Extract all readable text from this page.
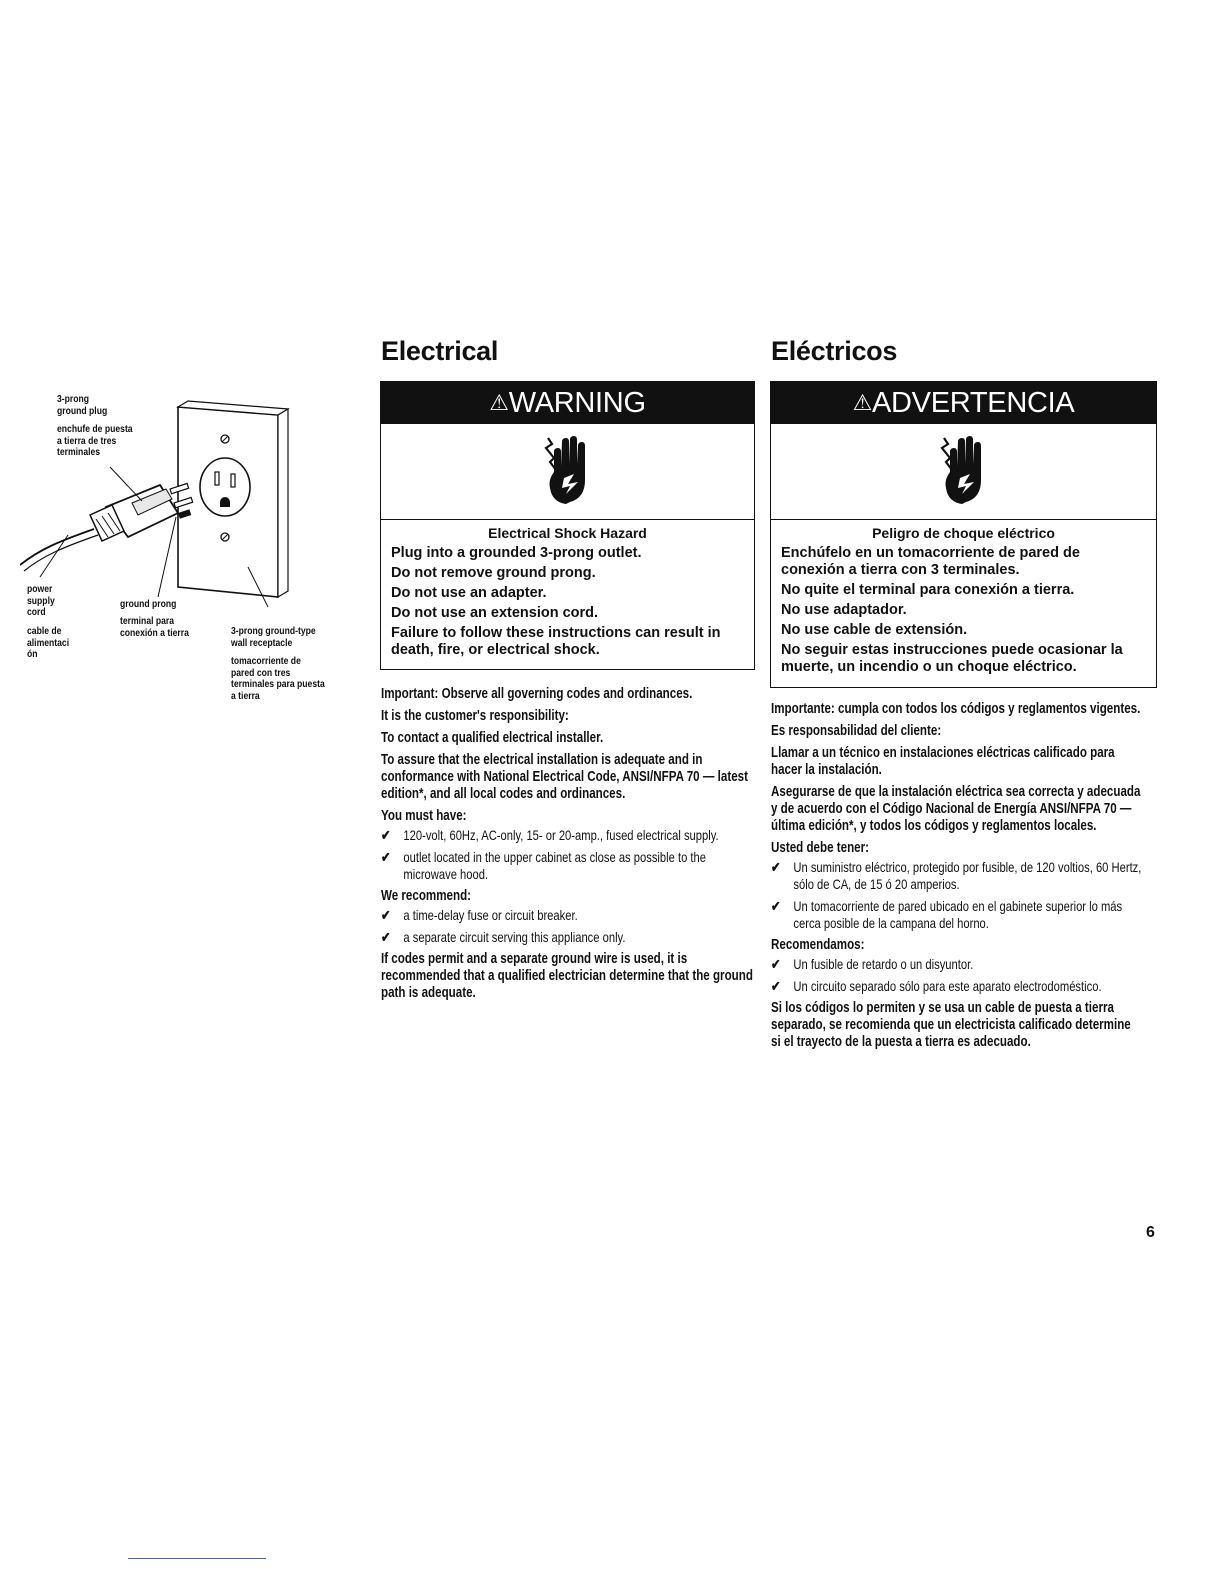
3-prong
ground plug
enchufe de puesta
a tierra de tres
terminales
power
supply
cord
cable de
alimentaci
ón
ground prong
terminal para
conexión a tierra	3-prong ground-type
wall receptacle
tomacorriente de
pared con tres
terminales para puesta
a tierra
Electrical
⚠WARNING
Electrical Shock Hazard
Plug into a grounded 3-prong outlet.
Do not remove ground prong.
Do not use an adapter.
Do not use an extension cord.
Failure to follow these instructions can result in death, fire, or electrical shock.

Important: Observe all governing codes and ordinances.

It is the customer's responsibility:

To contact a qualified electrical installer.

To assure that the electrical installation is adequate and in conformance with National Electrical Code, ANSI/NFPA 70 — latest edition*, and all local codes and ordinances.

You must have:

✔ 120-volt, 60Hz, AC-only, 15- or 20-amp., fused electrical supply.
✔ outlet located in the upper cabinet as close as possible to the microwave hood.

We recommend:

✔ a time-delay fuse or circuit breaker.
✔ a separate circuit serving this appliance only.

If codes permit and a separate ground wire is used, it is recommended that a qualified electrician determine that the ground path is adequate.

Eléctricos
⚠ADVERTENCIA
Peligro de choque eléctrico
Enchúfelo en un tomacorriente de pared de conexión a tierra con 3 terminales.
No quite el terminal para conexión a tierra.
No use adaptador.
No use cable de extensión.
No seguir estas instrucciones puede ocasionar la muerte, un incendio o un choque eléctrico.

Importante: cumpla con todos los códigos y reglamentos vigentes.

Es responsabilidad del cliente:

Llamar a un técnico en instalaciones eléctricas calificado para hacer la instalación.

Asegurarse de que la instalación eléctrica sea correcta y adecuada y de acuerdo con el Código Nacional de Energía ANSI/NFPA 70 — última edición*, y todos los códigos y reglamentos locales.

Usted debe tener:

✔ Un suministro eléctrico, protegido por fusible, de 120 voltios, 60 Hertz, sólo de CA, de 15 ó 20 amperios.
✔ Un tomacorriente de pared ubicado en el gabinete superior lo más cerca posible de la campana del horno.

Recomendamos:

✔ Un fusible de retardo o un disyuntor.
✔ Un circuito separado sólo para este aparato electrodoméstico.

Si los códigos lo permiten y se usa un cable de puesta a tierra separado, se recomienda que un electricista calificado determine si el trayecto de la puesta a tierra es adecuado.

6
